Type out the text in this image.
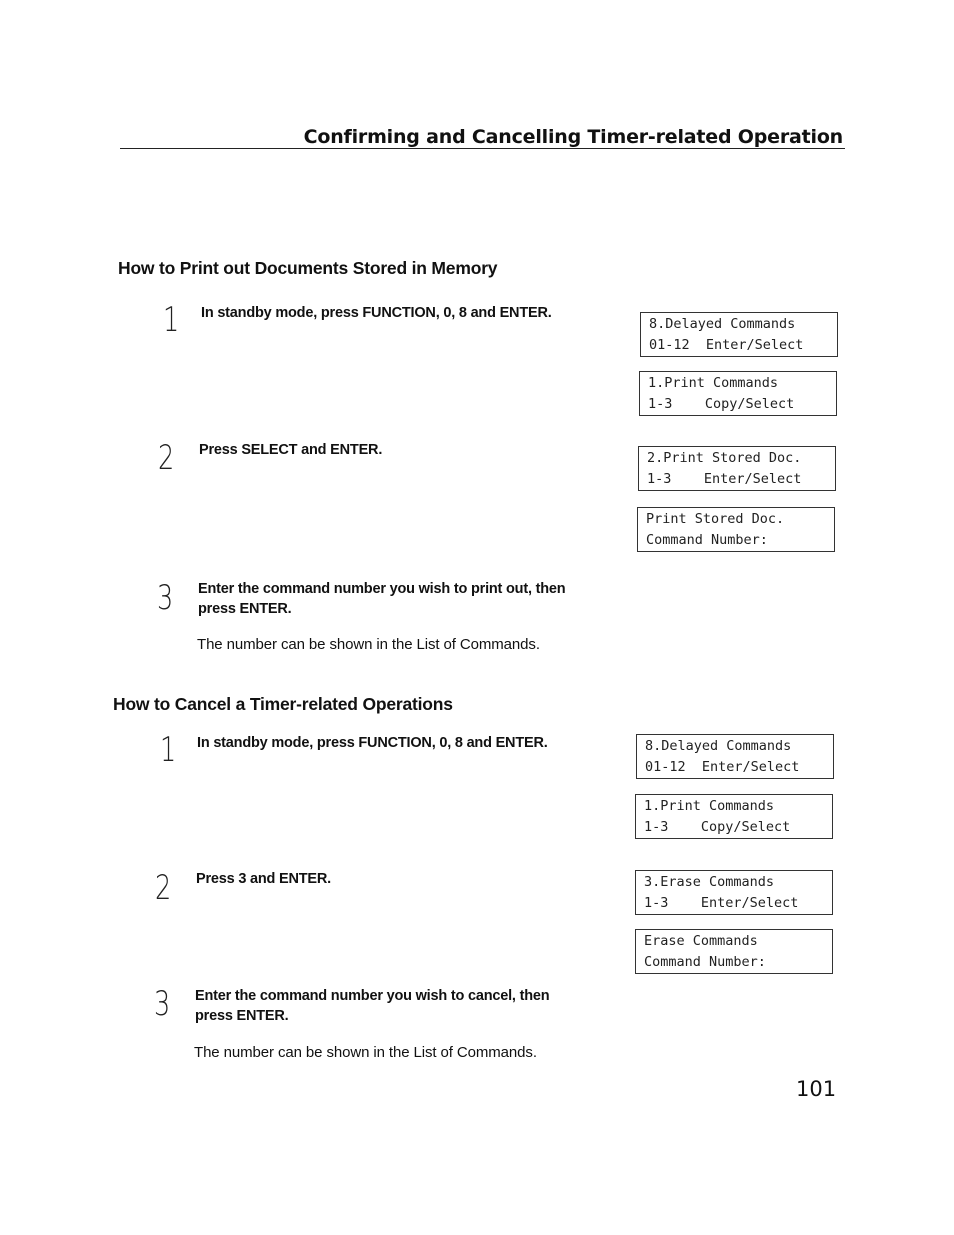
Confirming and Cancelling Timer-related Operation
How to Print out Documents Stored in Memory
1 In standby mode, press FUNCTION, 0, 8 and ENTER.
2 Press SELECT and ENTER.
3 Enter the command number you wish to print out, then
press ENTER.
The number can be shown in the List of Commands.
8.Delayed Commands
01-12  Enter/Select
1.Print Commands
1-3    Copy/Select
2.Print Stored Doc.
1-3    Enter/Select
Print Stored Doc.
Command Number:
How to Cancel a Timer-related Operations
1 In standby mode, press FUNCTION, 0, 8 and ENTER.
2 Press 3 and ENTER.
3 Enter the command number you wish to cancel, then
press ENTER.
The number can be shown in the List of Commands.
8.Delayed Commands
01-12  Enter/Select
1.Print Commands
1-3    Copy/Select
3.Erase Commands
1-3    Enter/Select
Erase Commands
Command Number:
101
